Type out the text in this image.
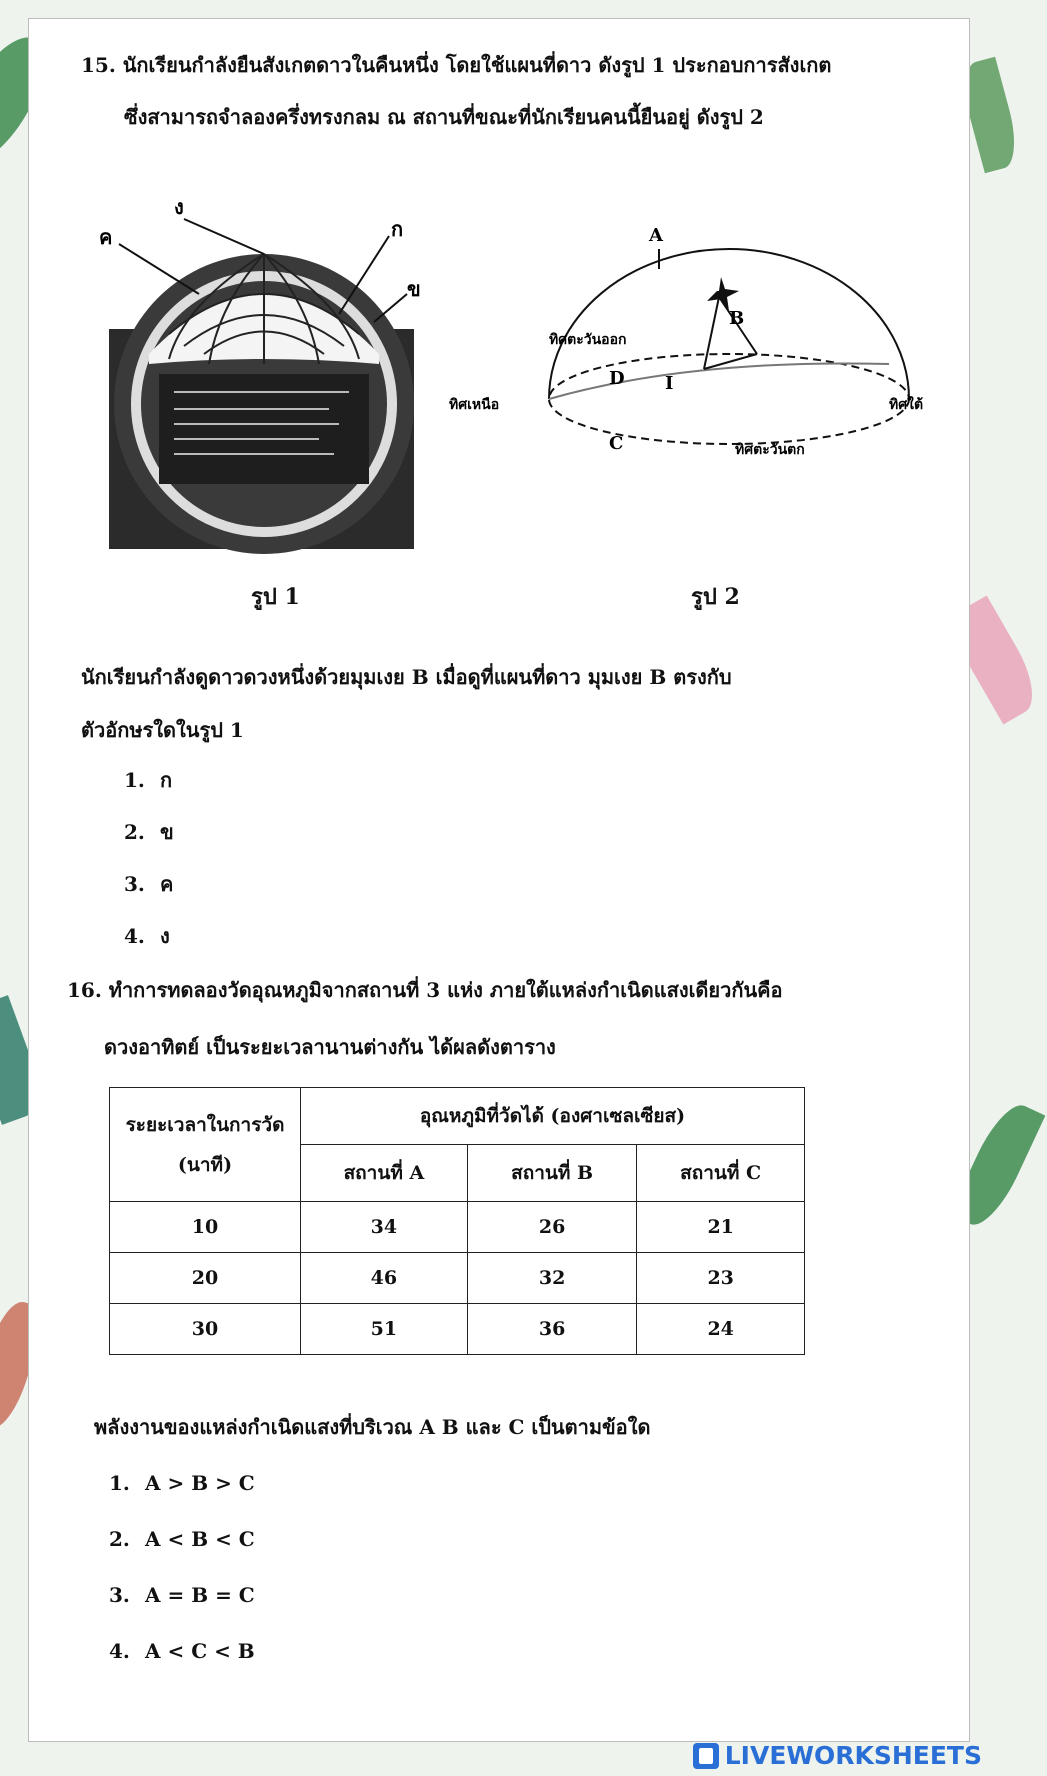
15. นักเรียนกำลังยืนสังเกตดาวในคืนหนึ่ง โดยใช้แผนที่ดาว ดังรูป 1 ประกอบการสังเกต
ซึ่งสามารถจำลองครึ่งทรงกลม ณ สถานที่ขณะที่นักเรียนคนนี้ยืนอยู่ ดังรูป 2
ง
ค	ก
ข
A
B
C
D I
ทิศตะวันออก
ทิศเหนือ	ทิศใต้
ทิศตะวันตก
รูป 1	รูป 2
นักเรียนกำลังดูดาวดวงหนึ่งด้วยมุมเงย B เมื่อดูที่แผนที่ดาว มุมเงย B ตรงกับ
ตัวอักษรใดในรูป 1
1. ก
2. ข
3. ค
4. ง
16. ทำการทดลองวัดอุณหภูมิจากสถานที่ 3 แห่ง ภายใต้แหล่งกำเนิดแสงเดียวกันคือ
ดวงอาทิตย์ เป็นระยะเวลานานต่างกัน ได้ผลดังตาราง
ระยะเวลาในการวัด
(นาที)	อุณหภูมิที่วัดได้ (องศาเซลเซียส)		
	สถานที่ A	สถานที่ B	สถานที่ C
10	34	26	21
20	46	32	23
30	51	36	24
พลังงานของแหล่งกำเนิดแสงที่บริเวณ A B และ C เป็นตามข้อใด
1. A > B > C
2. A < B < C
3. A = B = C
4. A < C < B
LIVEWORKSHEETS
